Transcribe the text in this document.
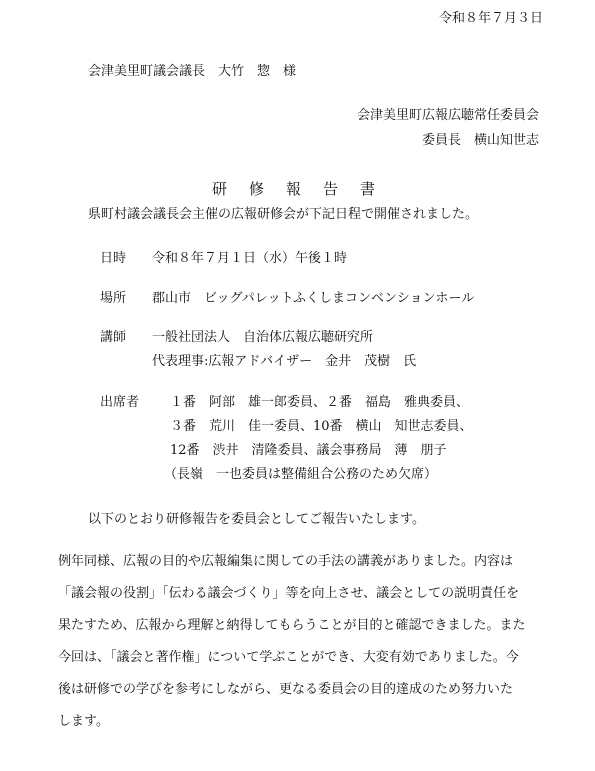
令和８年７月３日
会津美里町議会議長　大竹　惣　様
会津美里町広報広聴常任委員会
委員長　横山知世志
研修報告書
県町村議会議長会主催の広報研修会が下記日程で開催されました。
日時 令和８年７月１日（水）午後１時
場所 郡山市　ビッグパレットふくしまコンベンションホール
講師 一般社団法人　自治体広報広聴研究所
代表理事:広報アドバイザー　金井　茂樹　氏
出席者 １番　阿部　雄一郎委員、２番　福島　雅典委員、
３番　荒川　佳一委員、10番　横山　知世志委員、
12番　渋井　清隆委員、議会事務局　薄　朋子
（長嶺　一也委員は整備組合公務のため欠席）
以下のとおり研修報告を委員会としてご報告いたします。
例年同様、広報の目的や広報編集に関しての手法の講義がありました。内容は
「議会報の役割」「伝わる議会づくり」等を向上させ、議会としての説明責任を
果たすため、広報から理解と納得してもらうことが目的と確認できました。また
今回は、「議会と著作権」について学ぶことができ、大変有効でありました。今
後は研修での学びを参考にしながら、更なる委員会の目的達成のため努力いた
します。
